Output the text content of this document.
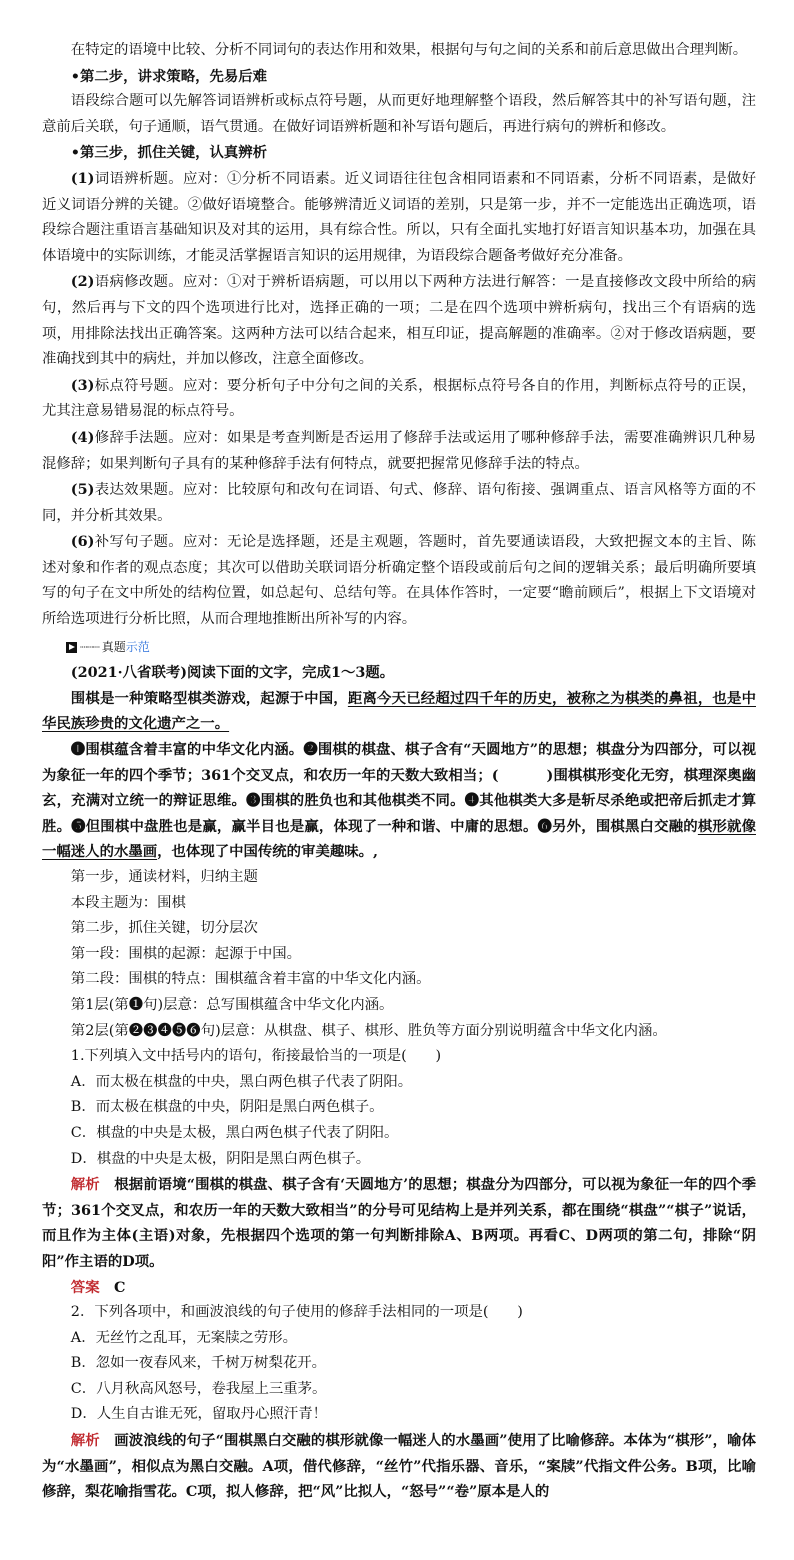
在特定的语境中比较、分析不同词句的表达作用和效果，根据句与句之间的关系和前后意思做出合理判断。

•第二步，讲求策略，先易后难

语段综合题可以先解答词语辨析或标点符号题，从而更好地理解整个语段，然后解答其中的补写语句题，注意前后关联，句子通顺，语气贯通。在做好词语辨析题和补写语句题后，再进行病句的辨析和修改。

•第三步，抓住关键，认真辨析

(1)词语辨析题。应对：①分析不同语素。近义词语往往包含相同语素和不同语素，分析不同语素，是做好近义词语分辨的关键。②做好语境整合。能够辨清近义词语的差别，只是第一步，并不一定能选出正确选项，语段综合题注重语言基础知识及对其的运用，具有综合性。所以，只有全面扎实地打好语言知识基本功，加强在具体语境中的实际训练，才能灵活掌握语言知识的运用规律，为语段综合题备考做好充分准备。

(2)语病修改题。应对：①对于辨析语病题，可以用以下两种方法进行解答：一是直接修改文段中所给的病句，然后再与下文的四个选项进行比对，选择正确的一项；二是在四个选项中辨析病句，找出三个有语病的选项，用排除法找出正确答案。这两种方法可以结合起来，相互印证，提高解题的准确率。②对于修改语病题，要准确找到其中的病灶，并加以修改，注意全面修改。

(3)标点符号题。应对：要分析句子中分句之间的关系，根据标点符号各自的作用，判断标点符号的正误，尤其注意易错易混的标点符号。

(4)修辞手法题。应对：如果是考查判断是否运用了修辞手法或运用了哪种修辞手法，需要准确辨识几种易混修辞；如果判断句子具有的某种修辞手法有何特点，就要把握常见修辞手法的特点。

(5)表达效果题。应对：比较原句和改句在词语、句式、修辞、语句衔接、强调重点、语言风格等方面的不同，并分析其效果。

(6)补写句子题。应对：无论是选择题，还是主观题，答题时，首先要通读语段，大致把握文本的主旨、陈述对象和作者的观点态度；其次可以借助关联词语分析确定整个语段或前后句之间的逻辑关系；最后明确所要填写的句子在文中所处的结构位置，如总起句、总结句等。在具体作答时，一定要“瞻前顾后”，根据上下文语境对所给选项进行分析比照，从而合理地推断出所补写的内容。

┈┈┈ 真题 示范

(2021·八省联考)阅读下面的文字，完成1～3题。

围棋是一种策略型棋类游戏，起源于中国，距离今天已经超过四千年的历史，被称之为棋类的鼻祖，也是中华民族珍贵的文化遗产之一。

❶围棋蕴含着丰富的中华文化内涵。❷围棋的棋盘、棋子含有“天圆地方”的思想；棋盘分为四部分，可以视为象征一年的四个季节；361个交叉点，和农历一年的天数大致相当；(	)围棋棋形变化无穷，棋理深奥幽玄，充满对立统一的辩证思维。❸围棋的胜负也和其他棋类不同。❹其他棋类大多是斩尽杀绝或把帝后抓走才算胜。❺但围棋中盘胜也是赢，赢半目也是赢，体现了一种和谐、中庸的思想。❻另外，围棋黑白交融的棋形就像一幅迷人的水墨画，也体现了中国传统的审美趣味。,

第一步，通读材料，归纳主题

本段主题为：围棋

第二步，抓住关键，切分层次

第一段：围棋的起源：起源于中国。

第二段：围棋的特点：围棋蕴含着丰富的中华文化内涵。

第1层(第❶句)层意：总写围棋蕴含中华文化内涵。

第2层(第❷❸❹❺❻句)层意：从棋盘、棋子、棋形、胜负等方面分别说明蕴含中华文化内涵。

1.下列填入文中括号内的语句，衔接最恰当的一项是(　　)

A．而太极在棋盘的中央，黑白两色棋子代表了阴阳。

B．而太极在棋盘的中央，阴阳是黑白两色棋子。

C．棋盘的中央是太极，黑白两色棋子代表了阴阳。

D．棋盘的中央是太极，阴阳是黑白两色棋子。

解析　根据前语境“围棋的棋盘、棋子含有‘天圆地方’的思想；棋盘分为四部分，可以视为象征一年的四个季节；361个交叉点，和农历一年的天数大致相当”的分号可见结构上是并列关系，都在围绕“棋盘”“棋子”说话，而且作为主体(主语)对象，先根据四个选项的第一句判断排除A、B两项。再看C、D两项的第二句，排除“阴阳”作主语的D项。

答案　C

2．下列各项中，和画波浪线的句子使用的修辞手法相同的一项是(　　)

A．无丝竹之乱耳，无案牍之劳形。

B．忽如一夜春风来，千树万树梨花开。

C．八月秋高风怒号，卷我屋上三重茅。

D．人生自古谁无死，留取丹心照汗青！

解析　画波浪线的句子“围棋黑白交融的棋形就像一幅迷人的水墨画”使用了比喻修辞。本体为“棋形”，喻体为“水墨画”，相似点为黑白交融。A项，借代修辞，“丝竹”代指乐器、音乐，“案牍”代指文件公务。B项，比喻修辞，梨花喻指雪花。C项，拟人修辞，把“风”比拟人，“怒号”“卷”原本是人的
